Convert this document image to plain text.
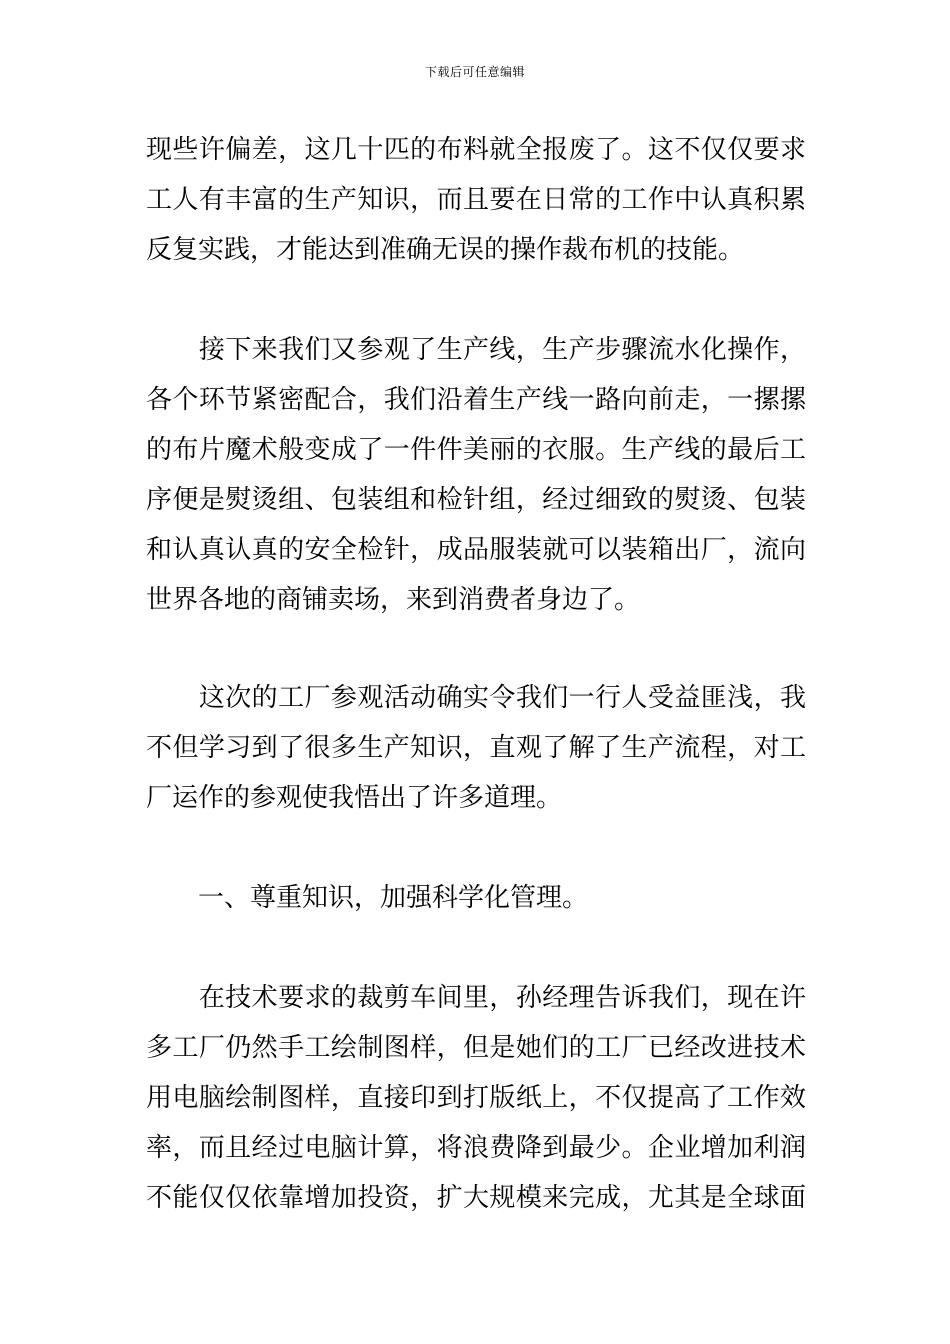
下载后可任意编辑
现些许偏差，这几十匹的布料就全报废了。这不仅仅要求
工人有丰富的生产知识，而且要在日常的工作中认真积累
反复实践，才能达到准确无误的操作裁布机的技能。
　　接下来我们又参观了生产线，生产步骤流水化操作，
各个环节紧密配合，我们沿着生产线一路向前走，一摞摞
的布片魔术般变成了一件件美丽的衣服。生产线的最后工
序便是熨烫组、包装组和检针组，经过细致的熨烫、包装
和认真认真的安全检针，成品服装就可以装箱出厂，流向
世界各地的商铺卖场，来到消费者身边了。
　　这次的工厂参观活动确实令我们一行人受益匪浅，我
不但学习到了很多生产知识，直观了解了生产流程，对工
厂运作的参观使我悟出了许多道理。
　　一、尊重知识，加强科学化管理。
　　在技术要求的裁剪车间里，孙经理告诉我们，现在许
多工厂仍然手工绘制图样，但是她们的工厂已经改进技术
用电脑绘制图样，直接印到打版纸上，不仅提高了工作效
率，而且经过电脑计算，将浪费降到最少。企业增加利润
不能仅仅依靠增加投资，扩大规模来完成，尤其是全球面
